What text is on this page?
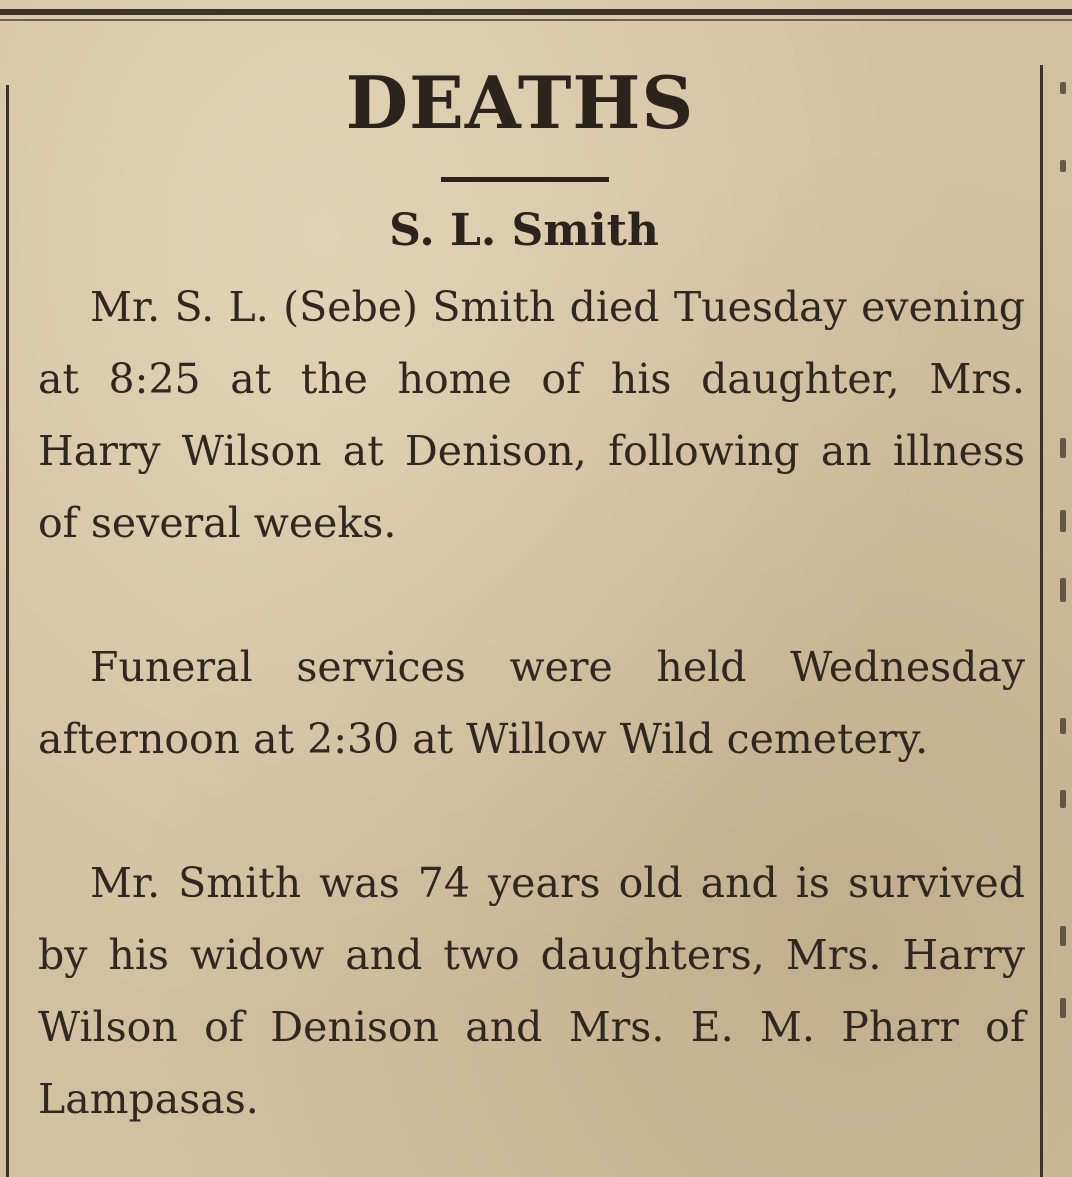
DEATHS
S. L. Smith

Mr. S. L. (Sebe) Smith died Tuesday evening at 8:25 at the home of his daughter, Mrs. Harry Wilson at Denison, following an illness of several weeks.

Funeral services were held Wednesday afternoon at 2:30 at Willow Wild cemetery.

Mr. Smith was 74 years old and is survived by his widow and two daughters, Mrs. Harry Wilson of Denison and Mrs. E. M. Pharr of Lampasas.
